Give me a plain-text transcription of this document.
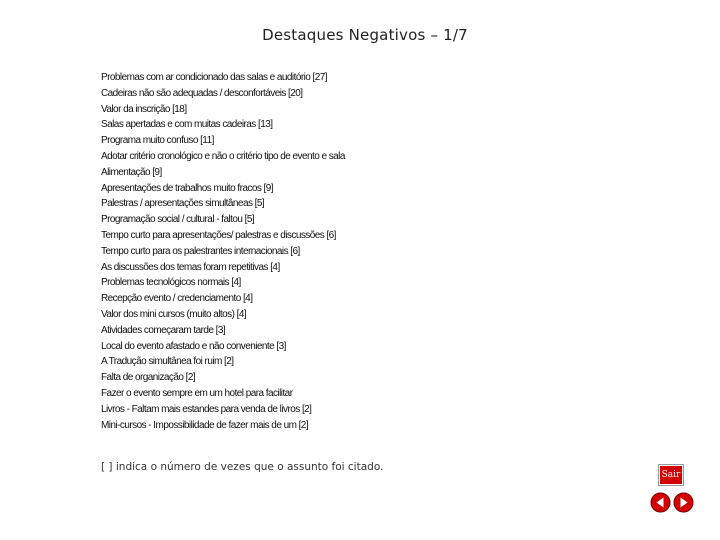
Destaques Negativos – 1/7
Problemas com ar condicionado das salas e auditório [27]
Cadeiras não são adequadas / desconfortáveis [20]
Valor da inscrição [18]
Salas apertadas e com muitas cadeiras [13]
Programa muito confuso [11]
Adotar critério cronológico e não o critério tipo de evento e sala
Alimentação [9]
Apresentações de trabalhos muito fracos [9]
Palestras / apresentações simultâneas [5]
Programação social / cultural - faltou [5]
Tempo curto para apresentações/ palestras e discussões [6]
Tempo curto para os palestrantes internacionais [6]
As discussões dos temas foram repetitivas [4]
Problemas tecnológicos normais [4]
Recepção evento / credenciamento [4]
Valor dos mini cursos (muito altos) [4]
Atividades começaram tarde [3]
Local do evento afastado e não conveniente [3]
A Tradução simultânea foi ruim [2]
Falta de organização [2]
Fazer o evento sempre em um hotel para facilitar
Livros - Faltam mais estandes para venda de livros [2]
Mini-cursos - Impossibilidade de fazer mais de um [2]
[ ] indica o número de vezes que o assunto foi citado.
Sair
